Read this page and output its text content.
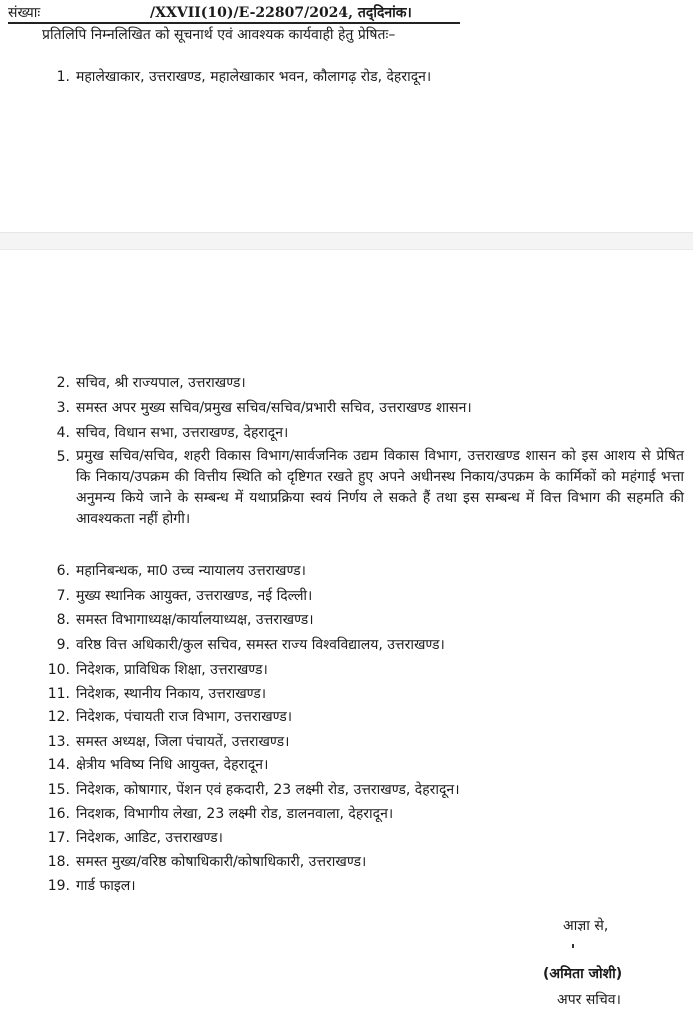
संख्याः	/XXVII(10)/E-22807/2024, तद्‌दिनांक।
प्रतिलिपि निम्नलिखित को सूचनार्थ एवं आवश्यक कार्यवाही हेतु प्रेषितः–
1. महालेखाकार, उत्तराखण्ड, महालेखाकार भवन, कौलागढ़ रोड, देहरादून।
2. सचिव, श्री राज्यपाल, उत्तराखण्ड।
3. समस्त अपर मुख्य सचिव/प्रमुख सचिव/सचिव/प्रभारी सचिव, उत्तराखण्ड शासन।
4. सचिव, विधान सभा, उत्तराखण्ड, देहरादून।
5. प्रमुख सचिव/सचिव, शहरी विकास विभाग/सार्वजनिक उद्यम विकास विभाग, उत्तराखण्ड शासन को इस आशय से प्रेषित कि निकाय/उपक्रम की वित्तीय स्थिति को दृष्टिगत रखते हुए अपने अधीनस्थ निकाय/उपक्रम के कार्मिकों को महंगाई भत्ता अनुमन्य किये जाने के सम्बन्ध में यथाप्रक्रिया स्वयं निर्णय ले सकते हैं तथा इस सम्बन्ध में वित्त विभाग की सहमति की आवश्यकता नहीं होगी।
6. महानिबन्धक, मा0 उच्च न्यायालय उत्तराखण्ड।
7. मुख्य स्थानिक आयुक्त, उत्तराखण्ड, नई दिल्ली।
8. समस्त विभागाध्यक्ष/कार्यालयाध्यक्ष, उत्तराखण्ड।
9. वरिष्ठ वित्त अधिकारी/कुल सचिव, समस्त राज्य विश्वविद्यालय, उत्तराखण्ड।
10. निदेशक, प्राविधिक शिक्षा, उत्तराखण्ड।
11. निदेशक, स्थानीय निकाय, उत्तराखण्ड।
12. निदेशक, पंचायती राज विभाग, उत्तराखण्ड।
13. समस्त अध्यक्ष, जिला पंचायतें, उत्तराखण्ड।
14. क्षेत्रीय भविष्य निधि आयुक्त, देहरादून।
15. निदेशक, कोषागार, पेंशन एवं हकदारी, 23 लक्ष्मी रोड, उत्तराखण्ड, देहरादून।
16. निदशक, विभागीय लेखा, 23 लक्ष्मी रोड, डालनवाला, देहरादून।
17. निदेशक, आडिट, उत्तराखण्ड।
18. समस्त मुख्य/वरिष्ठ कोषाधिकारी/कोषाधिकारी, उत्तराखण्ड।
19. गार्ड फाइल।
आज्ञा से,
(अमिता जोशी)
अपर सचिव।
